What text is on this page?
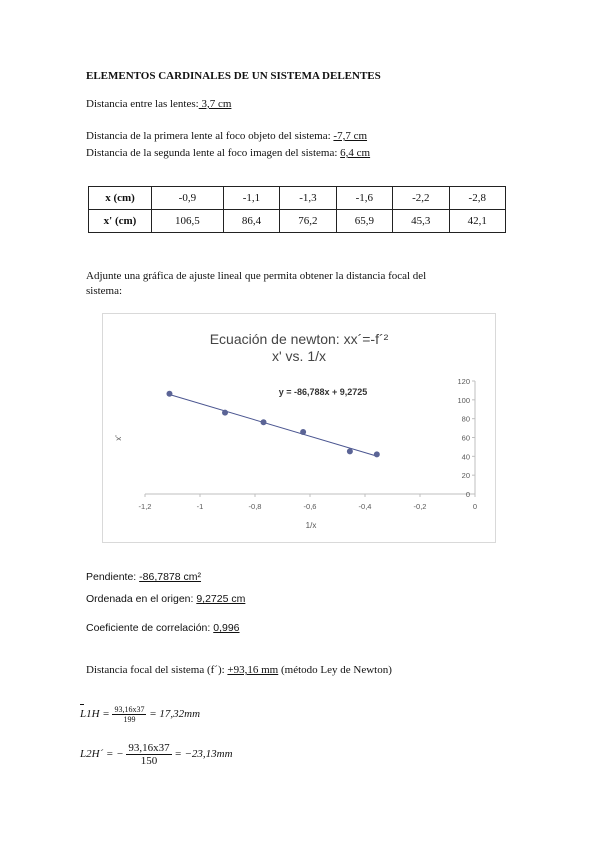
ELEMENTOS CARDINALES DE UN SISTEMA DELENTES
Distancia entre las lentes: 3,7 cm
Distancia de la primera lente al foco objeto del sistema: -7,7 cm
Distancia de la segunda lente al foco imagen del sistema: 6,4 cm
x (cm)	-0,9	-1,1	-1,3	-1,6	-2,2	-2,8
x' (cm)	106,5	86,4	76,2	65,9	45,3	42,1
Adjunte una gráfica de ajuste lineal que permita obtener la distancia focal del
sistema:
Ecuación de newton: xx´=-f´²
x' vs. 1/x
y = -86,788x + 9,2725
0
20
40
60
80
100
120
-1,2	-1	-0,8	-0,6	-0,4	-0,2	0
1/x
x'
Pendiente: -86,7878 cm²
Ordenada en el origen: 9,2725 cm
Coeficiente de correlación: 0,996
Distancia focal del sistema (f´): +93,16 mm (método Ley de Newton)
$L1H = \frac{93,16x37}{199} = 17,32mm$
L2H´ = − $\frac{93,16x37}{150} = -23,13mm$
